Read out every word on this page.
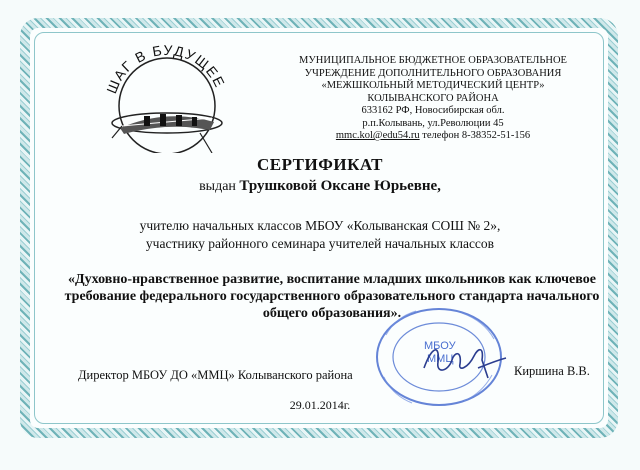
ШАГ В БУДУЩЕЕ
МУНИЦИПАЛЬНОЕ БЮДЖЕТНОЕ ОБРАЗОВАТЕЛЬНОЕ
УЧРЕЖДЕНИЕ ДОПОЛНИТЕЛЬНОГО ОБРАЗОВАНИЯ
«МЕЖШКОЛЬНЫЙ МЕТОДИЧЕСКИЙ ЦЕНТР»
КОЛЫВАНСКОГО РАЙОНА
633162 РФ, Новосибирская обл.
р.п.Колывань, ул.Революции 45
mmc.kol@edu54.ru телефон 8-38352-51-156
СЕРТИФИКАТ
выдан Трушковой Оксане Юрьевне,
учителю начальных классов МБОУ «Колыванская СОШ № 2»,
участнику районного семинара учителей начальных классов
«Духовно-нравственное развитие, воспитание младших школьников как ключевое требование федерального государственного образовательного стандарта начального общего образования».
МБОУ
ММЦ
Директор МБОУ ДО «ММЦ» Колыванского района	Киршина В.В.
29.01.2014г.
